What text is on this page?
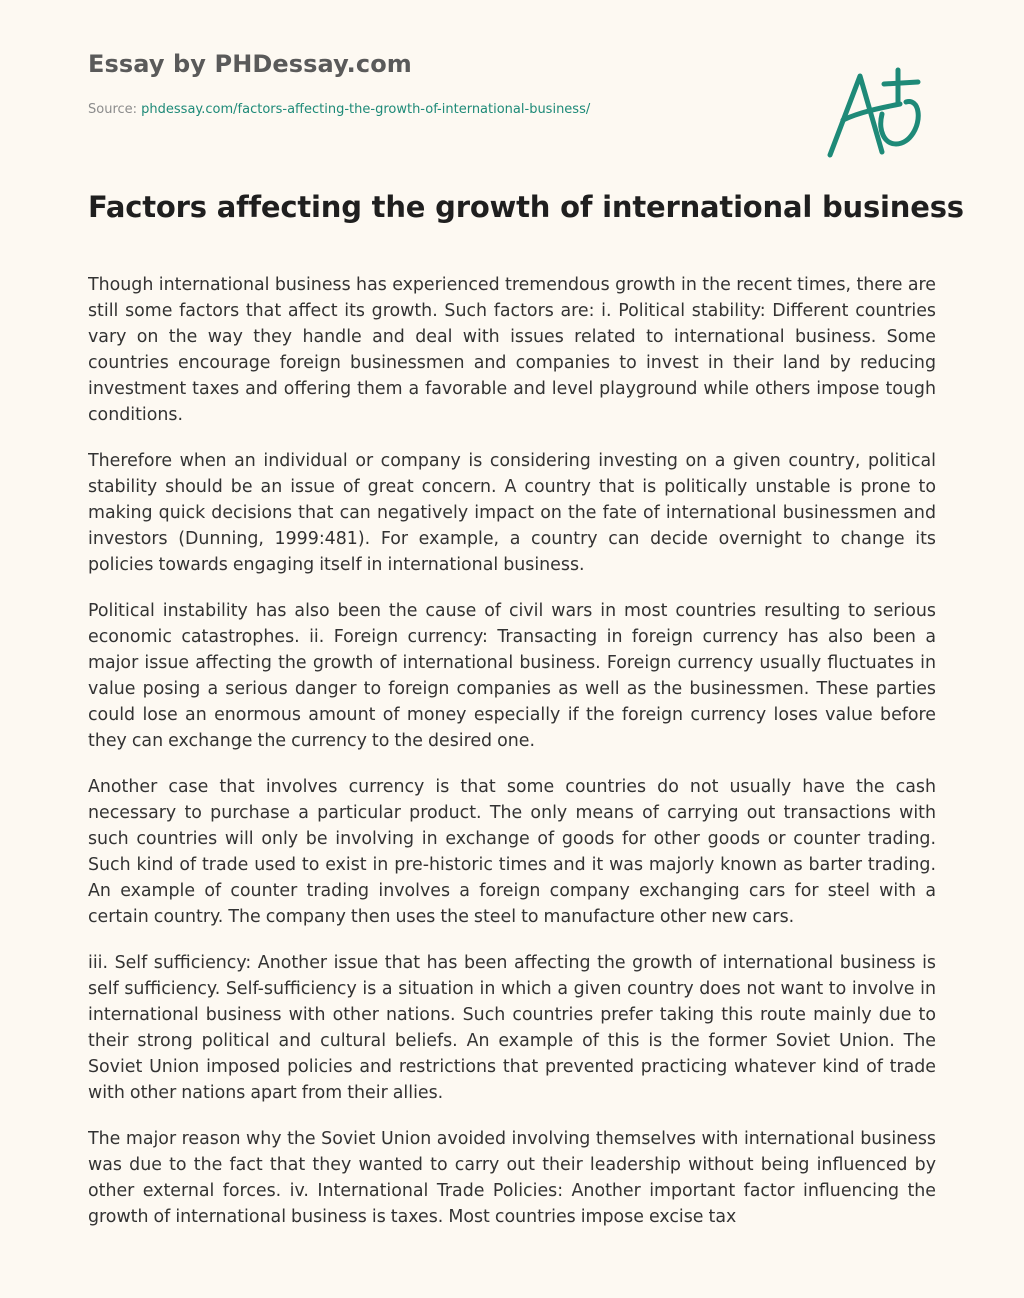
Essay by PHDessay.com
Source: phdessay.com/factors-affecting-the-growth-of-international-business/
Factors affecting the growth of international business

Though international business has experienced tremendous growth in the recent times, there are still some factors that affect its growth. Such factors are: i. Political stability: Different countries vary on the way they handle and deal with issues related to international business. Some countries encourage foreign businessmen and companies to invest in their land by reducing investment taxes and offering them a favorable and level playground while others impose tough conditions.

Therefore when an individual or company is considering investing on a given country, political stability should be an issue of great concern. A country that is politically unstable is prone to making quick decisions that can negatively impact on the fate of international businessmen and investors (Dunning, 1999:481). For example, a country can decide overnight to change its policies towards engaging itself in international business.

Political instability has also been the cause of civil wars in most countries resulting to serious economic catastrophes. ii. Foreign currency: Transacting in foreign currency has also been a major issue affecting the growth of international business. Foreign currency usually fluctuates in value posing a serious danger to foreign companies as well as the businessmen. These parties could lose an enormous amount of money especially if the foreign currency loses value before they can exchange the currency to the desired one.

Another case that involves currency is that some countries do not usually have the cash necessary to purchase a particular product. The only means of carrying out transactions with such countries will only be involving in exchange of goods for other goods or counter trading. Such kind of trade used to exist in pre-historic times and it was majorly known as barter trading. An example of counter trading involves a foreign company exchanging cars for steel with a certain country. The company then uses the steel to manufacture other new cars.

iii. Self sufficiency: Another issue that has been affecting the growth of international business is self sufficiency. Self-sufficiency is a situation in which a given country does not want to involve in international business with other nations. Such countries prefer taking this route mainly due to their strong political and cultural beliefs. An example of this is the former Soviet Union. The Soviet Union imposed policies and restrictions that prevented practicing whatever kind of trade with other nations apart from their allies.

The major reason why the Soviet Union avoided involving themselves with international business was due to the fact that they wanted to carry out their leadership without being influenced by other external forces. iv. International Trade Policies: Another important factor influencing the growth of international business is taxes. Most countries impose excise tax
